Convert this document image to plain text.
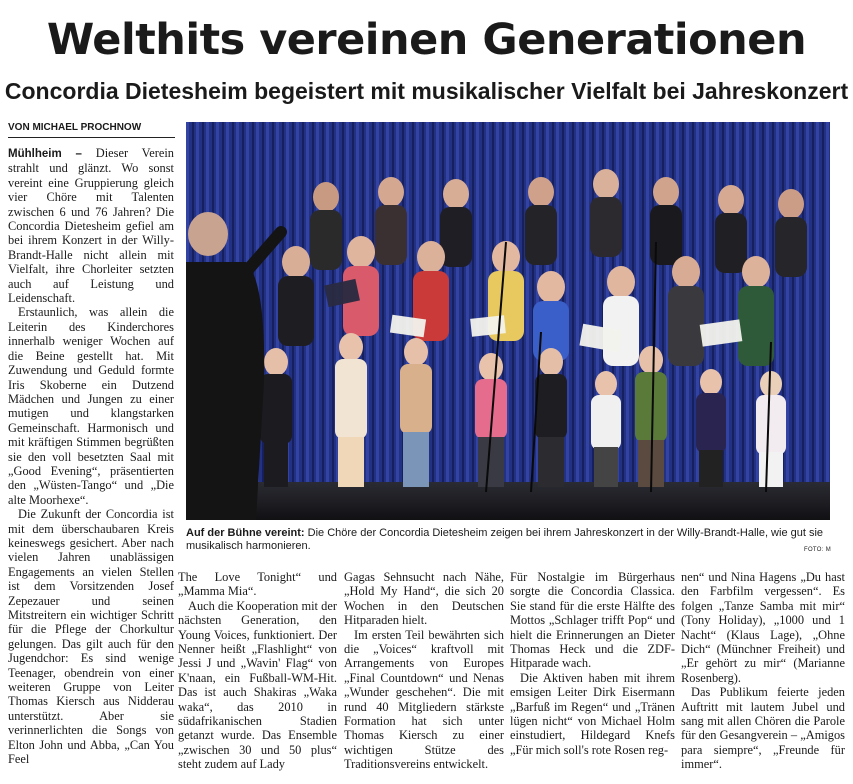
Welthits vereinen Generationen
Concordia Dietesheim begeistert mit musikalischer Vielfalt bei Jahreskonzert
VON MICHAEL PROCHNOW

Mühlheim – Dieser Verein strahlt und glänzt. Wo sonst vereint eine Gruppierung gleich vier Chöre mit Talenten zwischen 6 und 76 Jahren? Die Concordia Dietesheim gefiel am bei ihrem Konzert in der Willy-Brandt-Halle nicht allein mit Vielfalt, ihre Chorleiter setzten auch auf Leistung und Leidenschaft.

Erstaunlich, was allein die Leiterin des Kinderchores innerhalb weniger Wochen auf die Beine gestellt hat. Mit Zuwendung und Geduld formte Iris Skoberne ein Dutzend Mädchen und Jungen zu einer mutigen und klangstarken Gemeinschaft. Harmonisch und mit kräftigen Stimmen begrüßten sie den voll besetzten Saal mit „Good Evening“, präsentierten den „Wüsten-Tango“ und „Die alte Moorhexe“.

Die Zukunft der Concordia ist mit dem überschaubaren Kreis keineswegs gesichert. Aber nach vielen Jahren unablässigen Engagements an vielen Stellen ist dem Vorsitzenden Josef Zepezauer und seinen Mitstreitern ein wichtiger Schritt für die Pflege der Chorkultur gelungen. Das gilt auch für den Jugendchor: Es sind wenige Teenager, obendrein von einer weiteren Gruppe von Leiter Thomas Kiersch aus Nidderau unterstützt. Aber sie verinnerlichten die Songs von Elton John und Abba, „Can You Feel

Auf der Bühne vereint: Die Chöre der Concordia Dietesheim zeigen bei ihrem Jahreskonzert in der Willy-Brandt-Halle, wie gut sie musikalisch harmonieren.	FOTO: M

The Love Tonight“ und „Mamma Mia“.

Auch die Kooperation mit der nächsten Generation, den Young Voices, funktioniert. Der Nenner heißt „Flashlight“ von Jessi J und „Wavin' Flag“ von K'naan, ein Fußball-WM-Hit. Das ist auch Shakiras „Waka waka“, das 2010 in südafrikanischen Stadien getanzt wurde. Das Ensemble „zwischen 30 und 50 plus“ steht zudem auf Lady

Gagas Sehnsucht nach Nähe, „Hold My Hand“, die sich 20 Wochen in den Deutschen Hitparaden hielt.

Im ersten Teil bewährten sich die „Voices“ kraftvoll mit Arrangements von Europes „Final Countdown“ und Nenas „Wunder geschehen“. Die mit rund 40 Mitgliedern stärkste Formation hat sich unter Thomas Kiersch zu einer wichtigen Stütze des Traditionsvereins entwickelt.

Für Nostalgie im Bürgerhaus sorgte die Concordia Classica. Sie stand für die erste Hälfte des Mottos „Schlager trifft Pop“ und hielt die Erinnerungen an Dieter Thomas Heck und die ZDF-Hitparade wach.

Die Aktiven haben mit ihrem emsigen Leiter Dirk Eisermann „Barfuß im Regen“ und „Tränen lügen nicht“ von Michael Holm einstudiert, Hildegard Knefs „Für mich soll's rote Rosen reg-

nen“ und Nina Hagens „Du hast den Farbfilm vergessen“. Es folgen „Tanze Samba mit mir“ (Tony Holiday), „1000 und 1 Nacht“ (Klaus Lage), „Ohne Dich“ (Münchner Freiheit) und „Er gehört zu mir“ (Marianne Rosenberg).

Das Publikum feierte jeden Auftritt mit lautem Jubel und sang mit allen Chören die Parole für den Gesangverein – „Amigos para siempre“, „Freunde für immer“.
